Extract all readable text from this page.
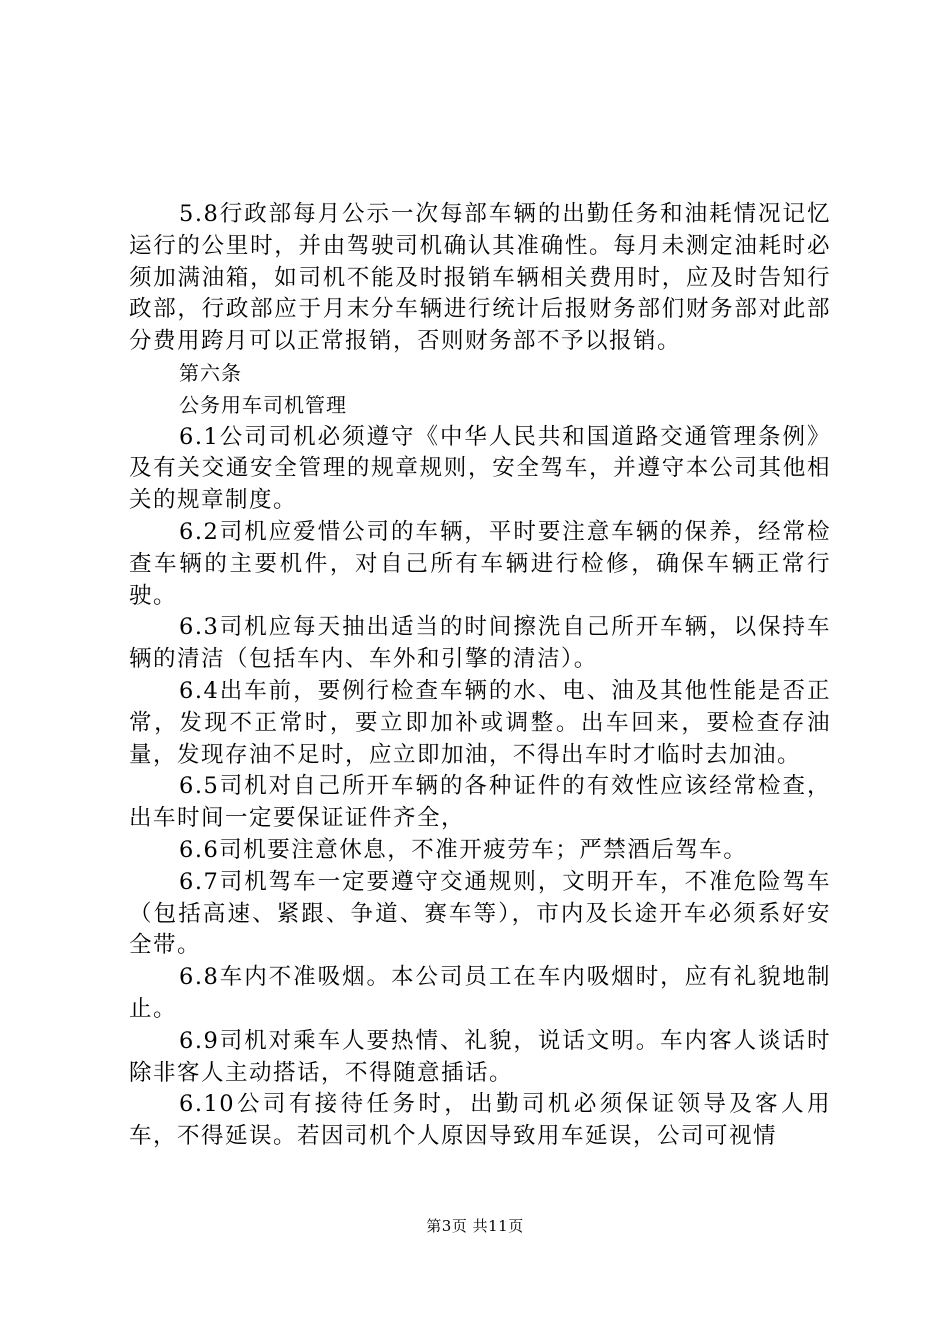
5.8行政部每月公示一次每部车辆的出勤任务和油耗情况记忆运行的公里时，并由驾驶司机确认其准确性。每月未测定油耗时必须加满油箱，如司机不能及时报销车辆相关费用时，应及时告知行政部，行政部应于月末分车辆进行统计后报财务部们财务部对此部分费用跨月可以正常报销，否则财务部不予以报销。

第六条

公务用车司机管理

6.1公司司机必须遵守《中华人民共和国道路交通管理条例》及有关交通安全管理的规章规则，安全驾车，并遵守本公司其他相关的规章制度。

6.2司机应爱惜公司的车辆，平时要注意车辆的保养，经常检查车辆的主要机件，对自己所有车辆进行检修，确保车辆正常行驶。

6.3司机应每天抽出适当的时间擦洗自己所开车辆，以保持车辆的清洁（包括车内、车外和引擎的清洁）。

6.4出车前，要例行检查车辆的水、电、油及其他性能是否正常，发现不正常时，要立即加补或调整。出车回来，要检查存油量，发现存油不足时，应立即加油，不得出车时才临时去加油。

6.5司机对自己所开车辆的各种证件的有效性应该经常检查，出车时间一定要保证证件齐全，

6.6司机要注意休息，不准开疲劳车；严禁酒后驾车。

6.7司机驾车一定要遵守交通规则，文明开车，不准危险驾车（包括高速、紧跟、争道、赛车等），市内及长途开车必须系好安全带。

6.8车内不准吸烟。本公司员工在车内吸烟时，应有礼貌地制止。

6.9司机对乘车人要热情、礼貌，说话文明。车内客人谈话时除非客人主动搭话，不得随意插话。

6.10公司有接待任务时，出勤司机必须保证领导及客人用车，不得延误。若因司机个人原因导致用车延误，公司可视情

第3页 共11页
